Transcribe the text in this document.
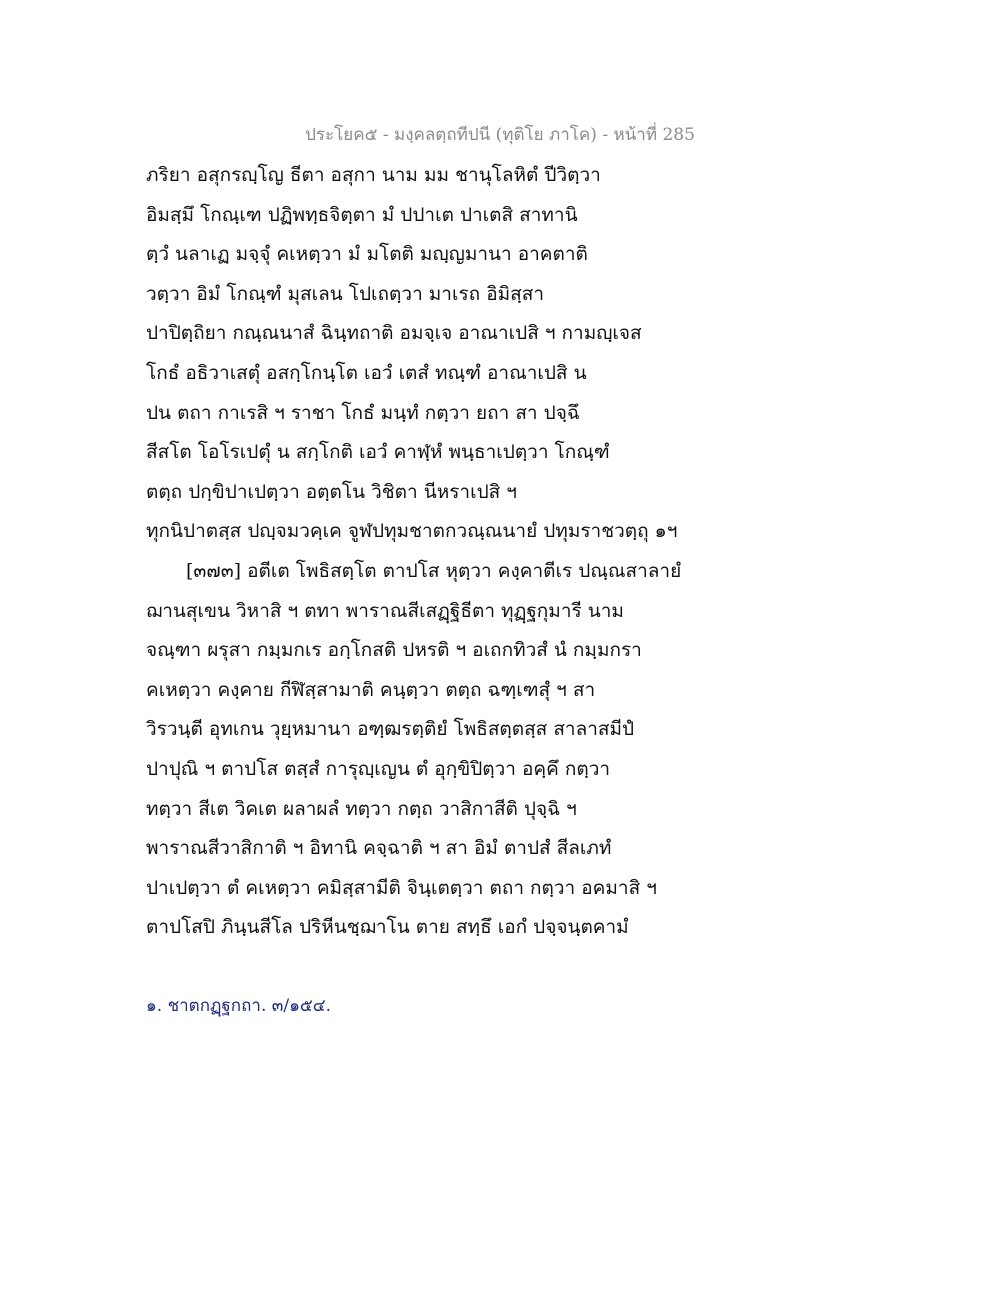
ประโยค๕ - มงฺคลตฺถทีปนี (ทุติโย ภาโค) - หน้าที่ 285
ภริยา อสุกรญฺโญ ธีตา อสุกา นาม มม ชานุโลหิตํ ปีวิตฺวา
อิมสฺมึ โกณฺเฑ ปฏิพทฺธจิตฺตา มํ ปปาเต ปาเตสิ สาทานิ
ตฺวํ นลาเฏ มจฺจุํ คเหตฺวา มํ มโตติ มญฺญมานา อาคตาติ
วตฺวา อิมํ โกณฺฑํ มุสเลน โปเถตฺวา มาเรถ อิมิสฺสา
ปาปิตฺถิยา กณฺณนาสํ ฉินฺทถาติ อมจฺเจ อาณาเปสิ ฯ กามญฺเจส
โกธํ อธิวาเสตุํ อสกฺโกนฺโต เอวํ เตสํ ทณฺฑํ อาณาเปสิ น
ปน ตถา กาเรสิ ฯ ราชา โกธํ มนฺทํ กตฺวา ยถา สา ปจฺฉึ
สีสโต โอโรเปตุํ น สกฺโกติ เอวํ คาฬฺหํ พนฺธาเปตฺวา โกณฺฑํ
ตตฺถ ปกฺขิปาเปตฺวา อตฺตโน วิชิตา นีหราเปสิ ฯ
ทุกนิปาตสฺส ปญฺจมวคฺเค จูฬปทุมชาตกวณฺณนายํ ปทุมราชวตฺถุ ๑ฯ
[๓๗๓] อตีเต โพธิสตฺโต ตาปโส หุตฺวา คงฺคาตีเร ปณฺณสาลายํ
ฌานสุเขน วิหาสิ ฯ ตทา พาราณสีเสฏฺฐิธีตา ทุฏฺฐกุมารี นาม
จณฺฑา ผรุสา กมฺมกเร อกฺโกสติ ปหรติ ฯ อเถกทิวสํ นํ กมฺมกรา
คเหตฺวา คงฺคาย กีฬิสฺสามาติ คนฺตฺวา ตตฺถ ฉฑฺเฑสุํ ฯ สา
วิรวนฺตี อุทเกน วุยฺหมานา อฑฺฒรตฺติยํ โพธิสตฺตสฺส สาลาสมีปํ
ปาปุณิ ฯ ตาปโส ตสฺสํ การุญฺเญน ตํ อุกฺขิปิตฺวา อคฺคึ กตฺวา
ทตฺวา สีเต วิคเต ผลาผลํ ทตฺวา กตฺถ วาสิกาสีติ ปุจฺฉิ ฯ
พาราณสีวาสิกาติ ฯ อิทานิ คจฺฉาติ ฯ สา อิมํ ตาปสํ สีลเภทํ
ปาเปตฺวา ตํ คเหตฺวา คมิสฺสามีติ จินฺเตตฺวา ตถา กตฺวา อคมาสิ ฯ
ตาปโสปิ ภินฺนสีโล ปริหีนชฺฌาโน ตาย สทฺธึ เอกํ ปจฺจนฺตคามํ
๑. ชาตกฏฺฐกถา. ๓/๑๕๔.
